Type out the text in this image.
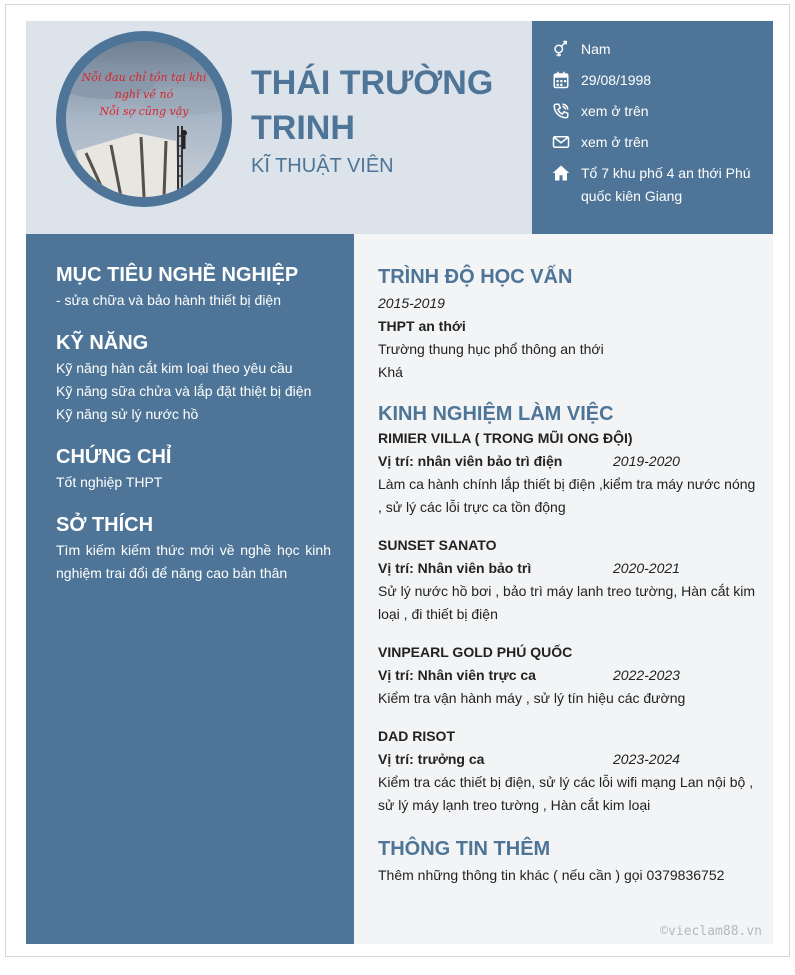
Nỗi đau chỉ tồn tại khi
nghĩ về nó
Nỗi sợ cũng vậy
THÁI TRƯỜNG TRINH
KĨ THUẬT VIÊN
Nam
29/08/1998
xem ở trên
xem ở trên
Tổ 7 khu phố 4 an thới Phú quốc kiên Giang
MỤC TIÊU NGHỀ NGHIỆP

- sửa chữa và bảo hành thiết bị điện

KỸ NĂNG

Kỹ năng hàn cắt kim loại theo yêu cầu

Kỹ năng sữa chửa và lắp đặt thiệt bị điện

Kỹ năng sử lý nước hồ

CHỨNG CHỈ

Tốt nghiệp THPT

SỞ THÍCH

Tìm kiếm kiếm thức mới về nghề học kinh nghiệm trai đổi để năng cao bản thân

TRÌNH ĐỘ HỌC VẤN
2015-2019
THPT an thới
Trường thung hục phổ thông an thới
Khá
KINH NGHIỆM LÀM VIỆC
RIMIER VILLA ( TRONG MŨI ONG ĐỘI)
Vị trí: nhân viên bảo trì điện	2019-2020
Làm ca hành chính lắp thiết bị điện ,kiểm tra máy nước nóng , sử lý các lỗi trực ca tồn động
SUNSET SANATO
Vị trí: Nhân viên bảo trì	2020-2021
Sử lý nước hồ bơi , bảo trì máy lanh treo tường, Hàn cắt kim loại , đi thiết bị điện
VINPEARL GOLD PHÚ QUỐC
Vị trí: Nhân viên trực ca	2022-2023
Kiểm tra vận hành máy , sử lý tín hiệu các đường
DAD RISOT
Vị trí: trưởng ca	2023-2024
Kiểm tra các thiết bị điện, sử lý các lỗi wifi mạng Lan nội bộ , sử lý máy lạnh treo tường , Hàn cắt kim loại
THÔNG TIN THÊM
Thêm những thông tin khác ( nếu cần ) gọi 0379836752
©vieclam88.vn
